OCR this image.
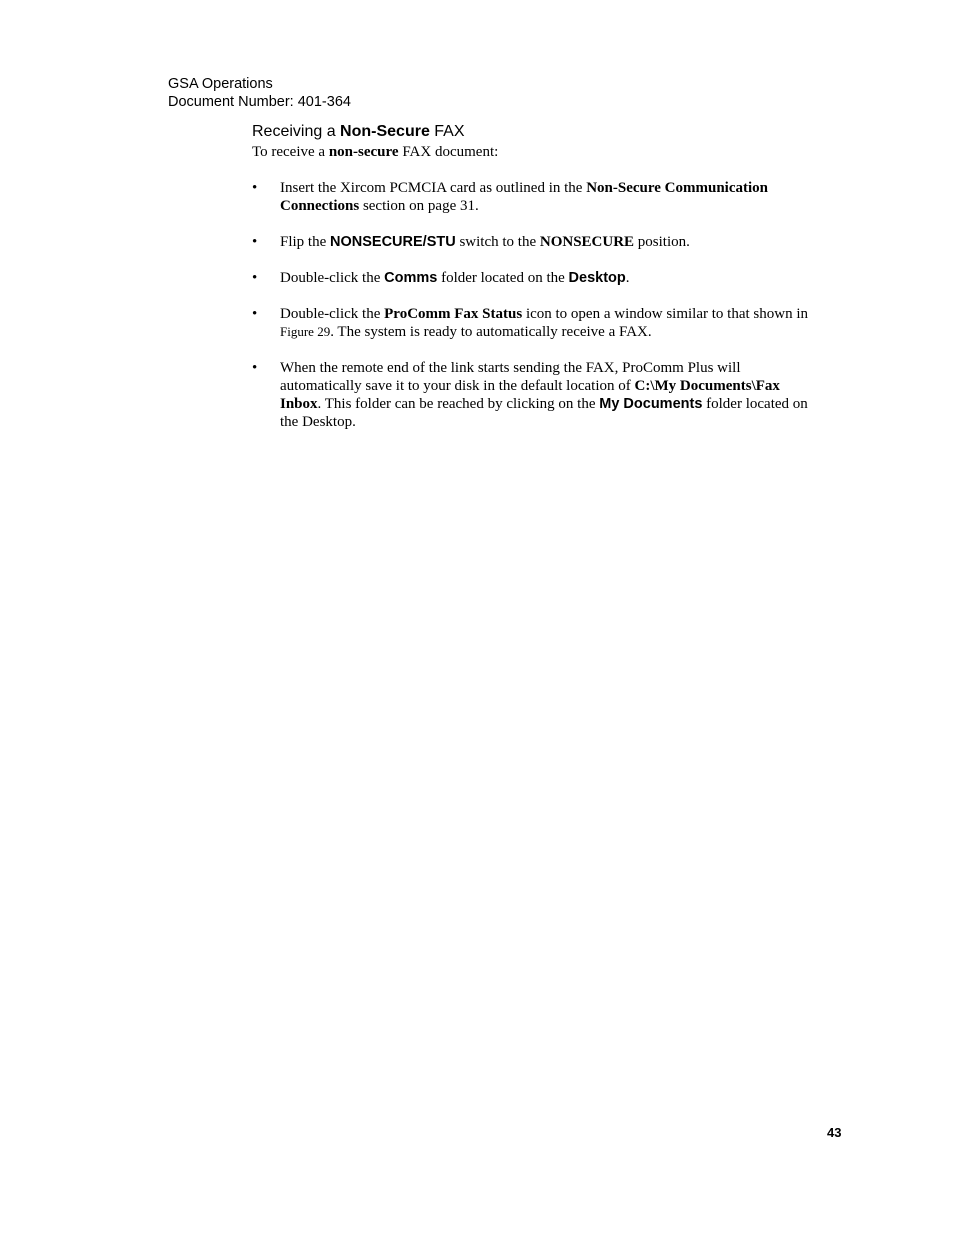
GSA Operations
Document Number: 401-364
Receiving a Non-Secure FAX
To receive a non-secure FAX document:
•	Insert the Xircom PCMCIA card as outlined in the Non-Secure Communication Connections section on page 31.
•	Flip the NONSECURE/STU switch to the NONSECURE position.
•	Double-click the Comms folder located on the Desktop.
•	Double-click the ProComm Fax Status icon to open a window similar to that shown in Figure 29. The system is ready to automatically receive a FAX.
•	When the remote end of the link starts sending the FAX, ProComm Plus will automatically save it to your disk in the default location of C:\My Documents\Fax Inbox. This folder can be reached by clicking on the My Documents folder located on the Desktop.
43
